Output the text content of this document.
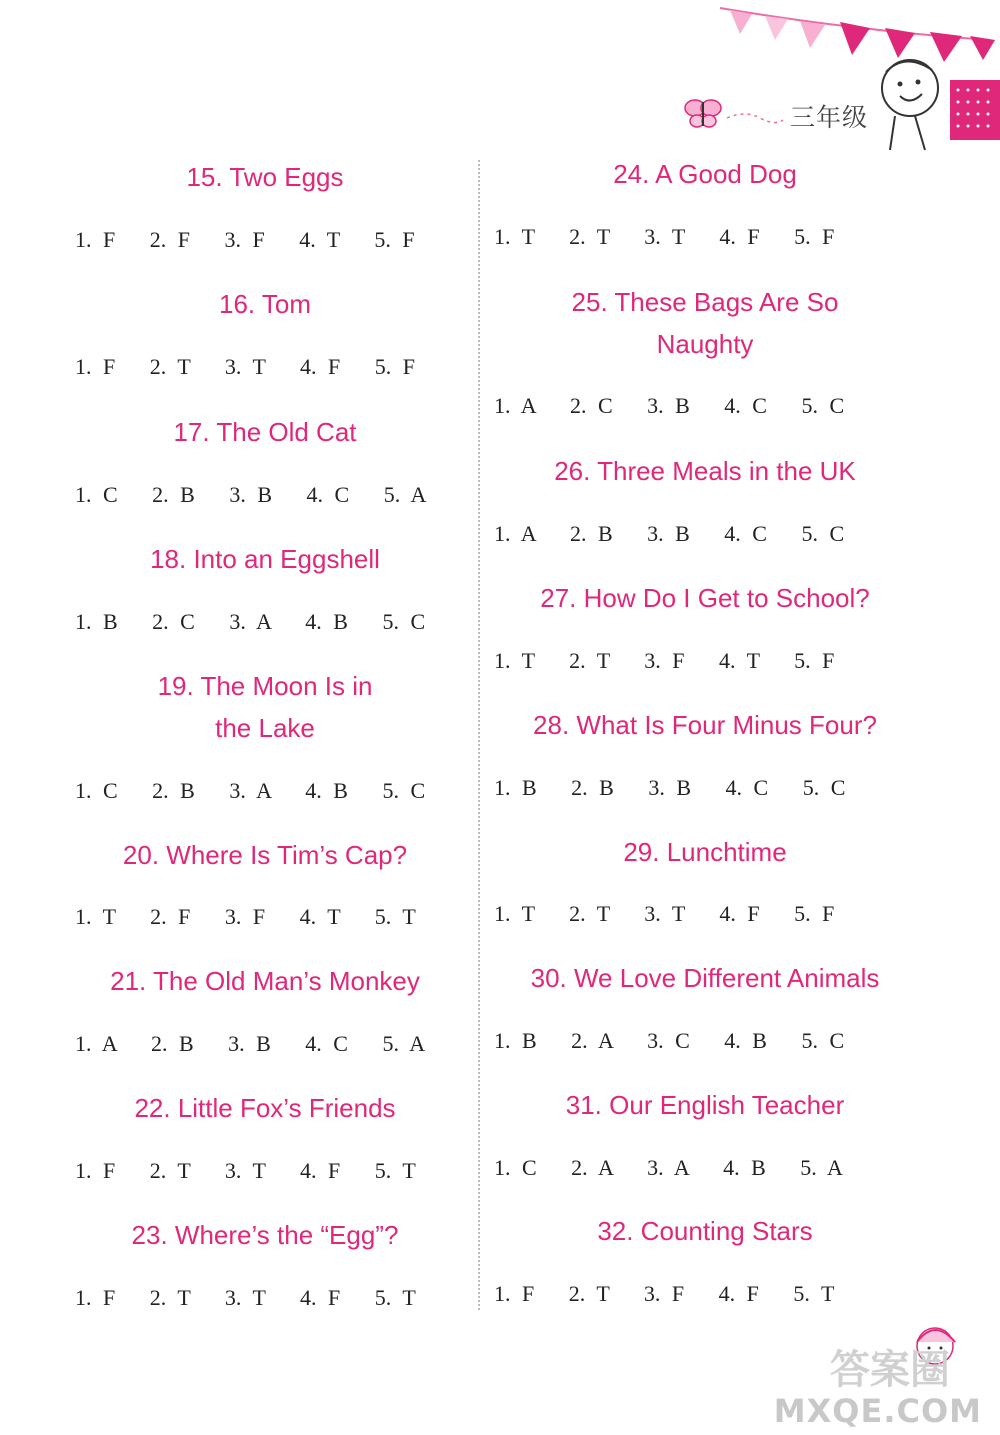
三年级
15. Two Eggs
1. F   2. F   3. F   4. T   5. F
16. Tom
1. F   2. T   3. T   4. F   5. F
17. The Old Cat
1. C   2. B   3. B   4. C   5. A
18. Into an Eggshell
1. B   2. C   3. A   4. B   5. C
19. The Moon Is in
the Lake
1. C   2. B   3. A   4. B   5. C
20. Where Is Tim’s Cap?
1. T   2. F   3. F   4. T   5. T
21. The Old Man’s Monkey
1. A   2. B   3. B   4. C   5. A
22. Little Fox’s Friends
1. F   2. T   3. T   4. F   5. T
23. Where’s the “Egg”?
1. F   2. T   3. T   4. F   5. T
24. A Good Dog
1. T   2. T   3. T   4. F   5. F
25. These Bags Are So
Naughty
1. A   2. C   3. B   4. C   5. C
26. Three Meals in the UK
1. A   2. B   3. B   4. C   5. C
27. How Do I Get to School?
1. T   2. T   3. F   4. T   5. F
28. What Is Four Minus Four?
1. B   2. B   3. B   4. C   5. C
29. Lunchtime
1. T   2. T   3. T   4. F   5. F
30. We Love Different Animals
1. B   2. A   3. C   4. B   5. C
31. Our English Teacher
1. C   2. A   3. A   4. B   5. A
32. Counting Stars
1. F   2. T   3. F   4. F   5. T
答案圈
MXQE.COM
